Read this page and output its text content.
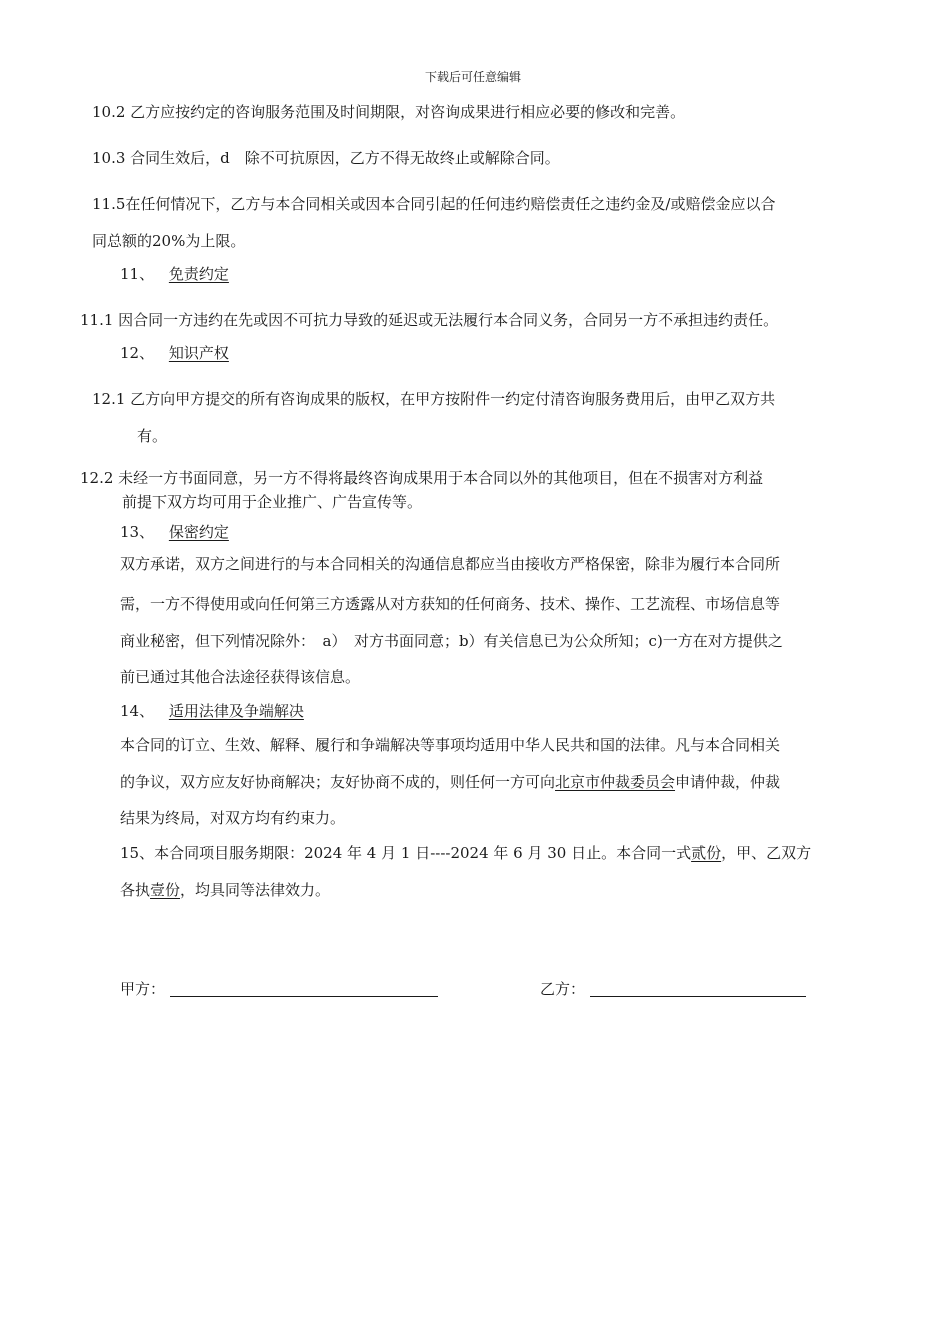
下载后可任意编辑
10.2 乙方应按约定的咨询服务范围及时间期限，对咨询成果进行相应必要的修改和完善。
10.3 合同生效后，d　除不可抗原因，乙方不得无故终止或解除合同。
11.5在任何情况下，乙方与本合同相关或因本合同引起的任何违约赔偿责任之违约金及/或赔偿金应以合
同总额的20%为上限。
11、 免责约定
11.1 因合同一方违约在先或因不可抗力导致的延迟或无法履行本合同义务，合同另一方不承担违约责任。
12、 知识产权
12.1 乙方向甲方提交的所有咨询成果的版权，在甲方按附件一约定付清咨询服务费用后，由甲乙双方共
有。
12.2 未经一方书面同意，另一方不得将最终咨询成果用于本合同以外的其他项目，但在不损害对方利益
前提下双方均可用于企业推广、广告宣传等。
13、 保密约定
双方承诺，双方之间进行的与本合同相关的沟通信息都应当由接收方严格保密，除非为履行本合同所
需，一方不得使用或向任何第三方透露从对方获知的任何商务、技术、操作、工艺流程、市场信息等
商业秘密，但下列情况除外：　a）　对方书面同意；b）有关信息已为公众所知；c)一方在对方提供之
前已通过其他合法途径获得该信息。
14、 适用法律及争端解决
本合同的订立、生效、解释、履行和争端解决等事项均适用中华人民共和国的法律。凡与本合同相关
的争议，双方应友好协商解决；友好协商不成的，则任何一方可向北京市仲裁委员会申请仲裁，仲裁
结果为终局，对双方均有约束力。
15、本合同项目服务期限：2024 年 4 月 1 日----2024 年 6 月 30 日止。本合同一式贰份，甲、乙双方
各执壹份，均具同等法律效力。
甲方：	乙方：
